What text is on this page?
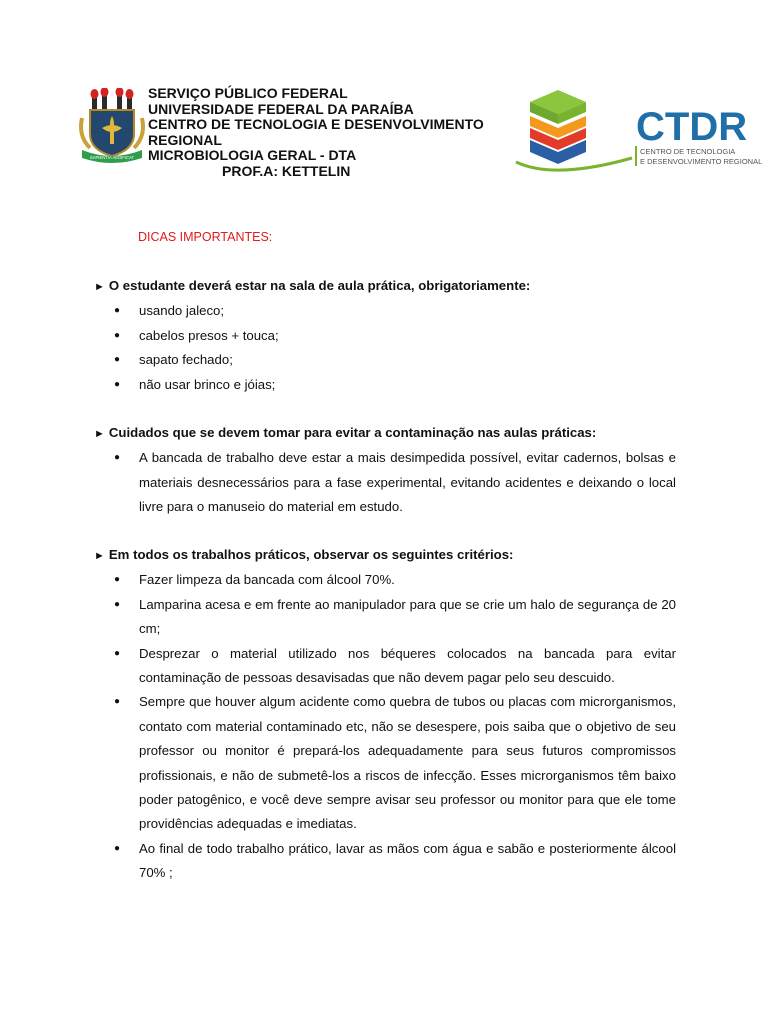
SAPIENTIA AEDIFICAT
SERVIÇO PÚBLICO FEDERAL
UNIVERSIDADE FEDERAL DA PARAÍBA
CENTRO DE TECNOLOGIA E DESENVOLVIMENTO REGIONAL
MICROBIOLOGIA GERAL - DTA
PROF.A: KETTELIN
CTDR
CENTRO DE TECNOLOGIA
E DESENVOLVIMENTO REGIONAL
DICAS IMPORTANTES:
► O estudante deverá estar na sala de aula prática, obrigatoriamente:
● usando jaleco;
● cabelos presos + touca;
● sapato fechado;
● não usar brinco e jóias;
► Cuidados que se devem tomar para evitar a contaminação nas aulas práticas:
● A bancada de trabalho deve estar a mais desimpedida possível, evitar cadernos, bolsas e materiais desnecessários para a fase experimental, evitando acidentes e deixando o local livre para o manuseio do material em estudo.
► Em todos os trabalhos práticos, observar os seguintes critérios:
● Fazer limpeza da bancada com álcool 70%.
● Lamparina acesa e em frente ao manipulador para que se crie um halo de segurança de 20 cm;
● Desprezar o material utilizado nos béqueres colocados na bancada para evitar contaminação de pessoas desavisadas que não devem pagar pelo seu descuido.
● Sempre que houver algum acidente como quebra de tubos ou placas com microrganismos, contato com material contaminado etc, não se desespere, pois saiba que o objetivo de seu professor ou monitor é prepará-los adequadamente para seus futuros compromissos profissionais, e não de submetê-los a riscos de infecção. Esses microrganismos têm baixo poder patogênico, e você deve sempre avisar seu professor ou monitor para que ele tome providências adequadas e imediatas.
● Ao final de todo trabalho prático, lavar as mãos com água e sabão e posteriormente álcool 70% ;
